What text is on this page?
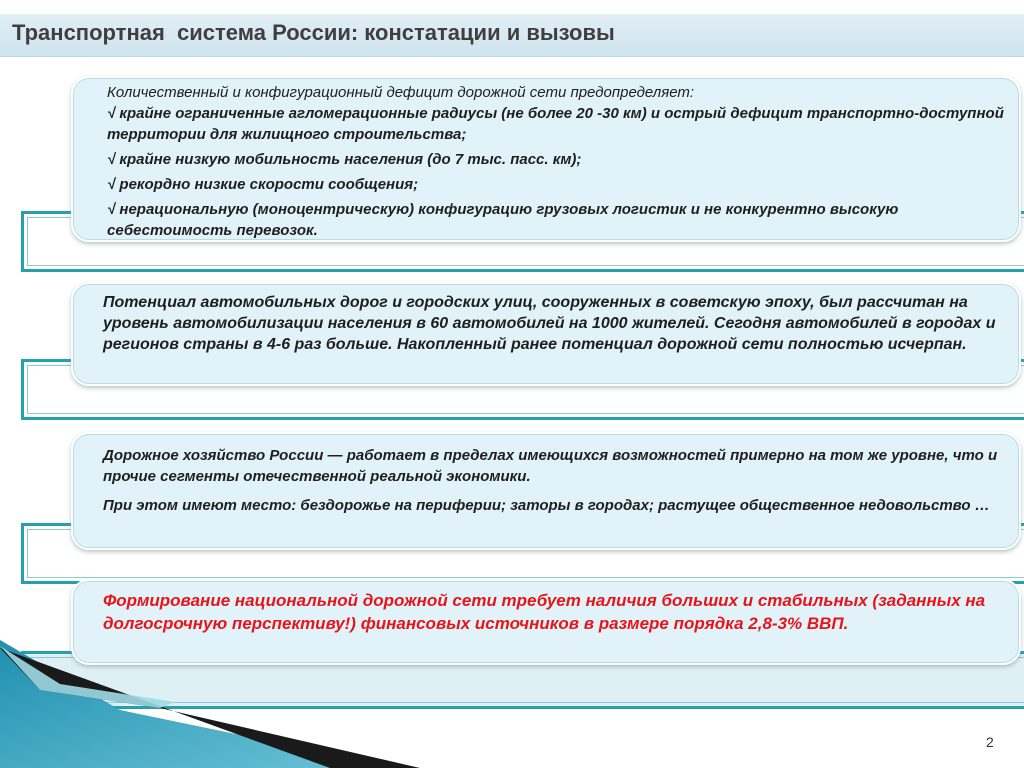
Транспортная  система России: констатации и вызовы

Количественный и конфигурационный дефицит дорожной сети предопределяет:

√ крайне ограниченные агломерационные радиусы (не более 20 -30 км) и острый дефицит транспортно-доступной территории для жилищного строительства;

√ крайне низкую мобильность населения (до 7 тыс. пасс. км);

√ рекордно низкие скорости сообщения;

√ нерациональную (моноцентрическую) конфигурацию грузовых логистик и не конкурентно высокую себестоимость перевозок.

Потенциал автомобильных дорог и городских улиц, сооруженных в советскую эпоху, был рассчитан на уровень автомобилизации населения в 60 автомобилей на 1000 жителей. Сегодня автомобилей в городах и регионов страны в 4-6 раз больше. Накопленный ранее потенциал дорожной сети полностью исчерпан.

Дорожное хозяйство России — работает в пределах имеющихся возможностей примерно на том же уровне, что и прочие сегменты отечественной реальной экономики.

При этом имеют место: бездорожье на периферии; заторы в городах; растущее общественное недовольство …

Формирование национальной дорожной сети требует наличия больших и стабильных (заданных на долгосрочную перспективу!) финансовых источников в размере порядка 2,8-3% ВВП.

2
